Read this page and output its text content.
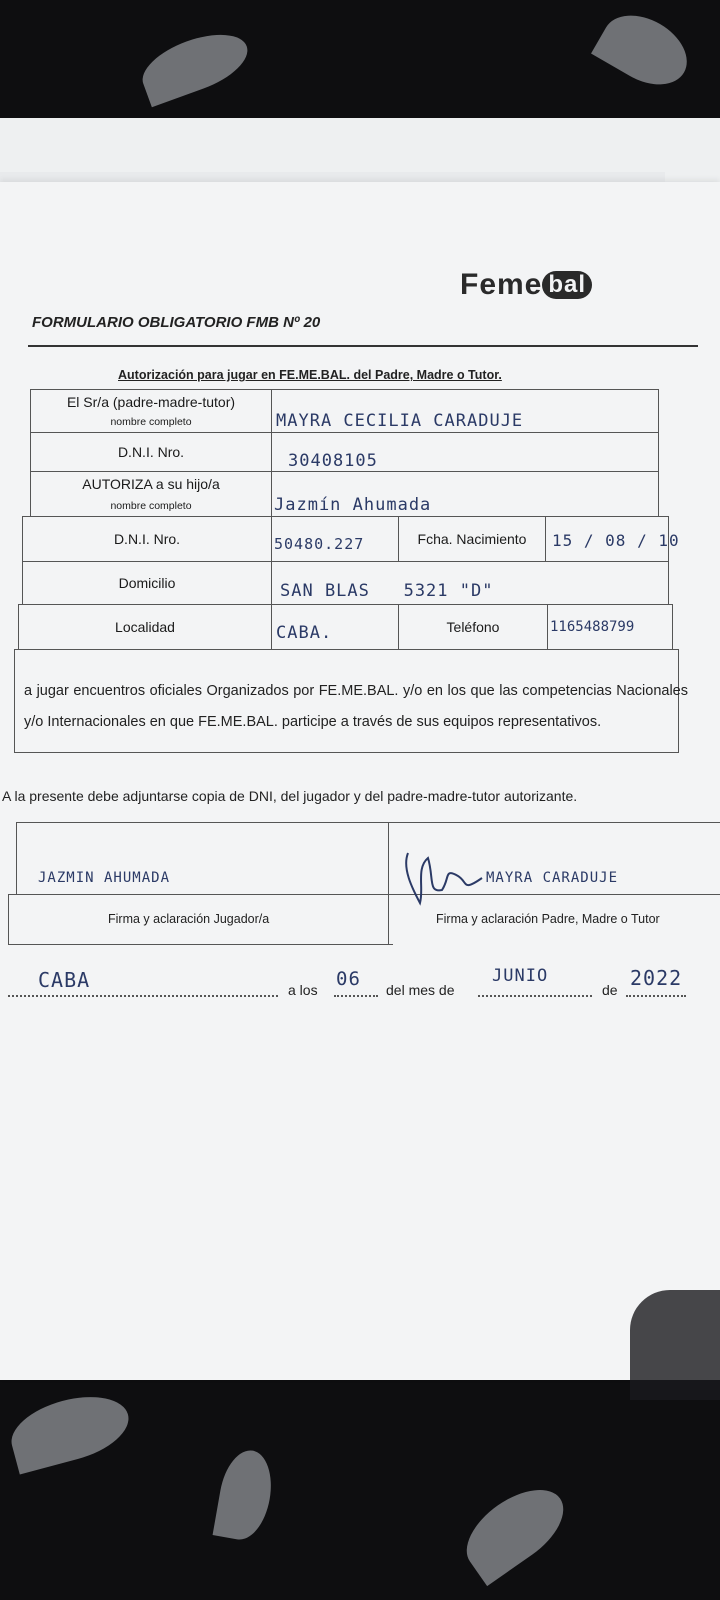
Feme bal
FORMULARIO OBLIGATORIO FMB Nº 20
Autorización para jugar en FE.ME.BAL. del Padre, Madre o Tutor.
El Sr/a (padre-madre-tutor)
nombre completo	MAYRA CECILIA CARADUJE
D.N.I. Nro.	30408105
AUTORIZA a su hijo/a
nombre completo	Jazmín Ahumada
D.N.I. Nro.	50480.227	Fcha. Nacimiento 15 / 08 / 10
Domicilio	SAN BLAS   5321 "D"
Localidad	CABA.	Teléfono	1165488799
a jugar encuentros oficiales Organizados por FE.ME.BAL. y/o en los que las competencias Nacionales y/o Internacionales en que FE.ME.BAL. participe a través de sus equipos representativos.
A la presente debe adjuntarse copia de DNI, del jugador y del padre-madre-tutor autorizante.
JAZMIN AHUMADA
Firma y aclaración Jugador/a
MAYRA CARADUJE
Firma y aclaración Padre, Madre o Tutor
CABA	a los 06 del mes de
JUNIO
de 2022
